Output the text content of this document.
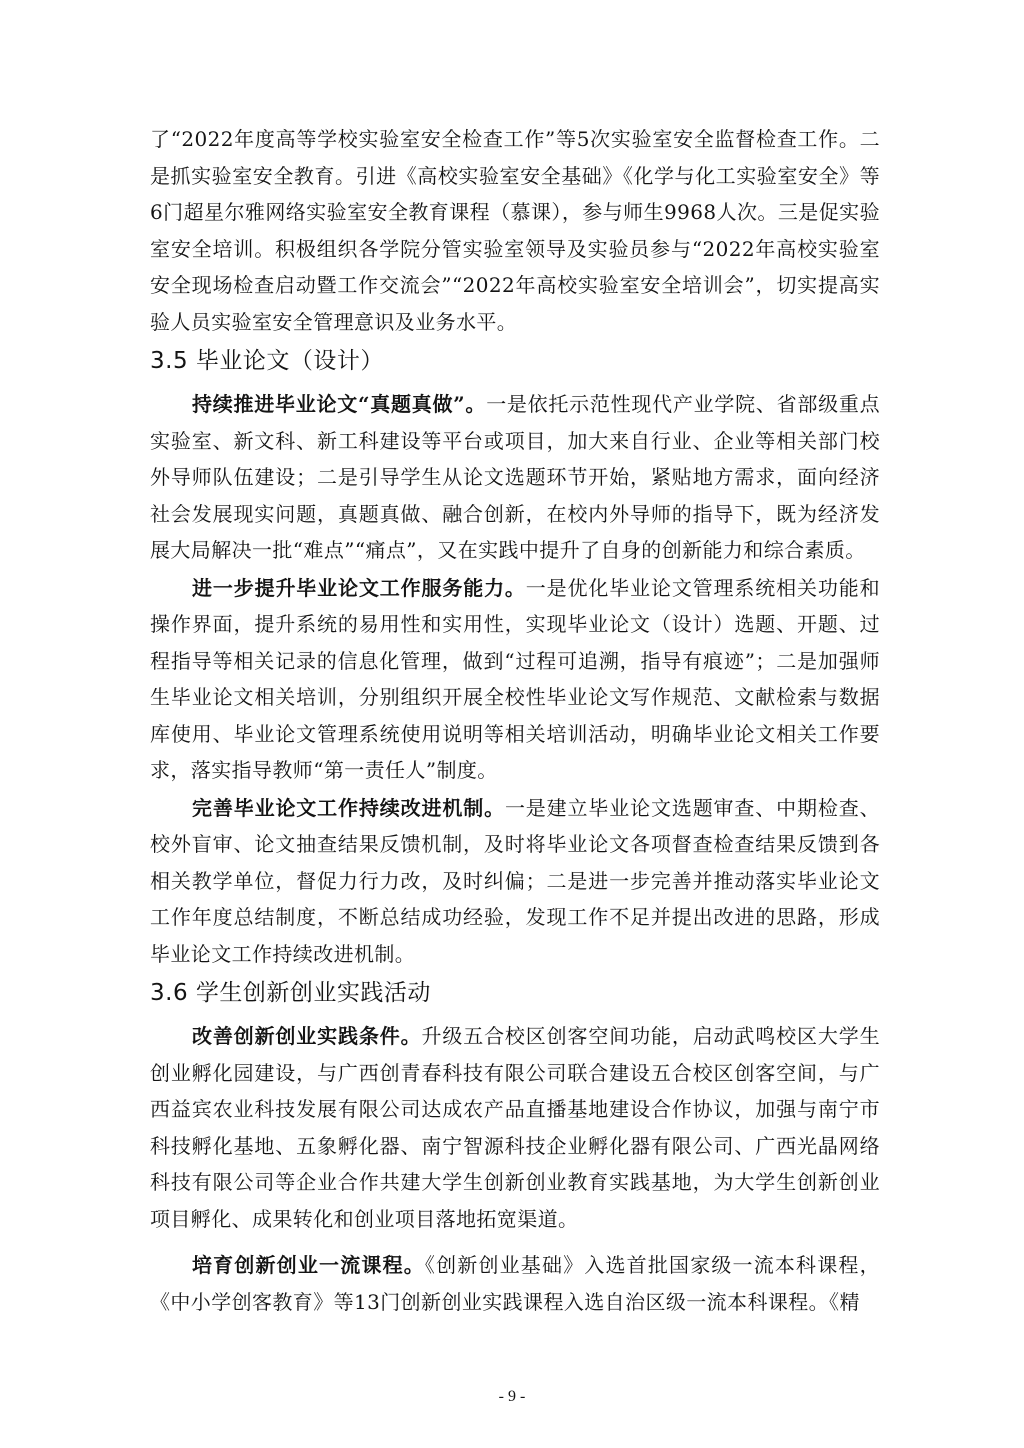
了“2022年度高等学校实验室安全检查工作”等5次实验室安全监督检查工作。二是抓实验室安全教育。引进《高校实验室安全基础》《化学与化工实验室安全》等6门超星尔雅网络实验室安全教育课程（慕课），参与师生9968人次。三是促实验室安全培训。积极组织各学院分管实验室领导及实验员参与“2022年高校实验室安全现场检查启动暨工作交流会”“2022年高校实验室安全培训会”，切实提高实验人员实验室安全管理意识及业务水平。

3.5 毕业论文（设计）

持续推进毕业论文“真题真做”。一是依托示范性现代产业学院、省部级重点实验室、新文科、新工科建设等平台或项目，加大来自行业、企业等相关部门校外导师队伍建设；二是引导学生从论文选题环节开始，紧贴地方需求，面向经济社会发展现实问题，真题真做、融合创新，在校内外导师的指导下，既为经济发展大局解决一批“难点”“痛点”，又在实践中提升了自身的创新能力和综合素质。

进一步提升毕业论文工作服务能力。一是优化毕业论文管理系统相关功能和操作界面，提升系统的易用性和实用性，实现毕业论文（设计）选题、开题、过程指导等相关记录的信息化管理，做到“过程可追溯，指导有痕迹”；二是加强师生毕业论文相关培训，分别组织开展全校性毕业论文写作规范、文献检索与数据库使用、毕业论文管理系统使用说明等相关培训活动，明确毕业论文相关工作要求，落实指导教师“第一责任人”制度。

完善毕业论文工作持续改进机制。一是建立毕业论文选题审查、中期检查、校外盲审、论文抽查结果反馈机制，及时将毕业论文各项督查检查结果反馈到各相关教学单位，督促力行力改，及时纠偏；二是进一步完善并推动落实毕业论文工作年度总结制度，不断总结成功经验，发现工作不足并提出改进的思路，形成毕业论文工作持续改进机制。

3.6 学生创新创业实践活动

改善创新创业实践条件。升级五合校区创客空间功能，启动武鸣校区大学生创业孵化园建设，与广西创青春科技有限公司联合建设五合校区创客空间，与广西益宾农业科技发展有限公司达成农产品直播基地建设合作协议，加强与南宁市科技孵化基地、五象孵化器、南宁智源科技企业孵化器有限公司、广西光晶网络科技有限公司等企业合作共建大学生创新创业教育实践基地，为大学生创新创业项目孵化、成果转化和创业项目落地拓宽渠道。

培育创新创业一流课程。《创新创业基础》入选首批国家级一流本科课程，《中小学创客教育》等13门创新创业实践课程入选自治区级一流本科课程。《精

- 9 -
